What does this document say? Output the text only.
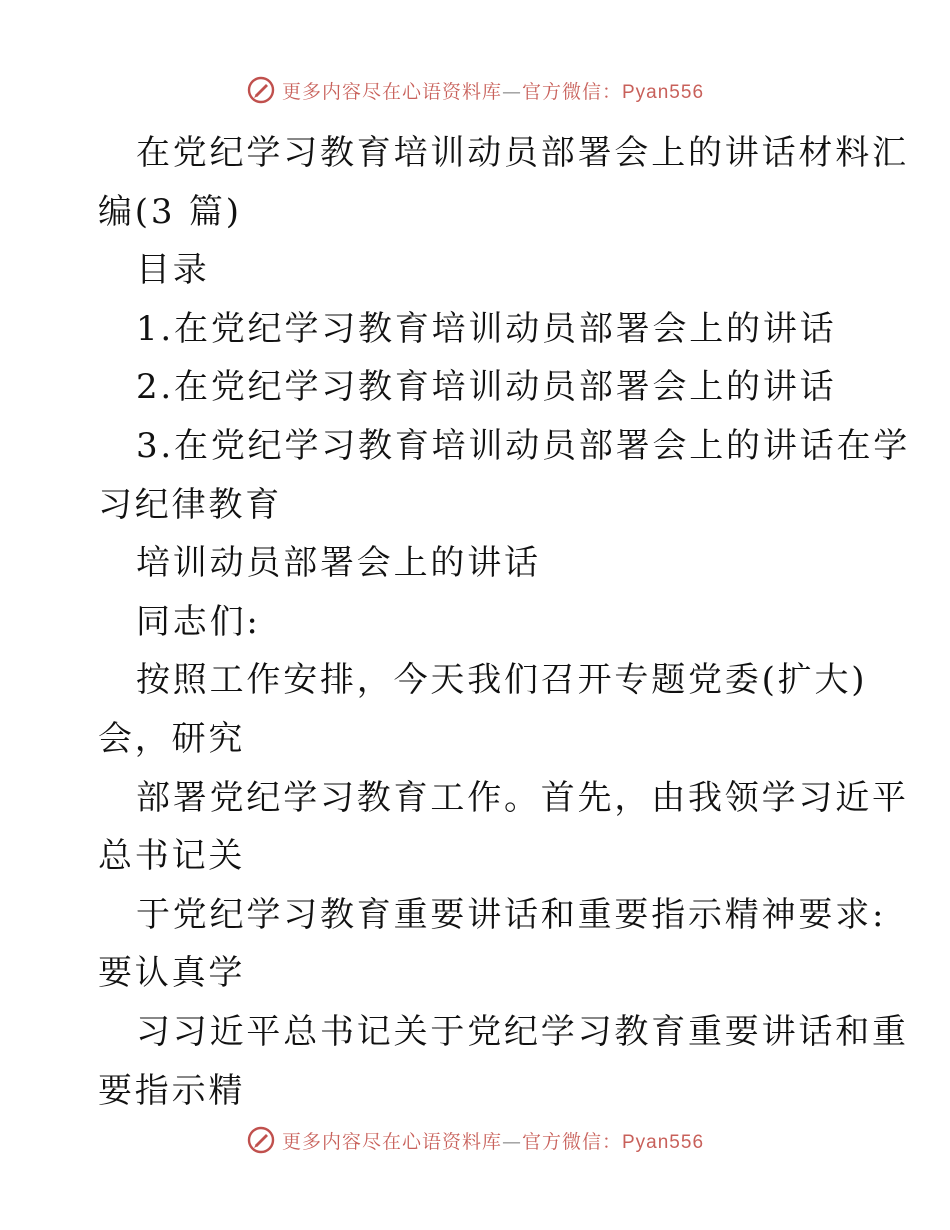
更多内容尽在心语资料库—官方微信：Pyan556
在党纪学习教育培训动员部署会上的讲话材料汇
编(3 篇)
目录
1.在党纪学习教育培训动员部署会上的讲话
2.在党纪学习教育培训动员部署会上的讲话
3.在党纪学习教育培训动员部署会上的讲话在学
习纪律教育
培训动员部署会上的讲话
同志们:
按照工作安排，今天我们召开专题党委(扩大)
会，研究
部署党纪学习教育工作。首先，由我领学习近平
总书记关
于党纪学习教育重要讲话和重要指示精神要求:
要认真学
习习近平总书记关于党纪学习教育重要讲话和重
要指示精
更多内容尽在心语资料库—官方微信：Pyan556
